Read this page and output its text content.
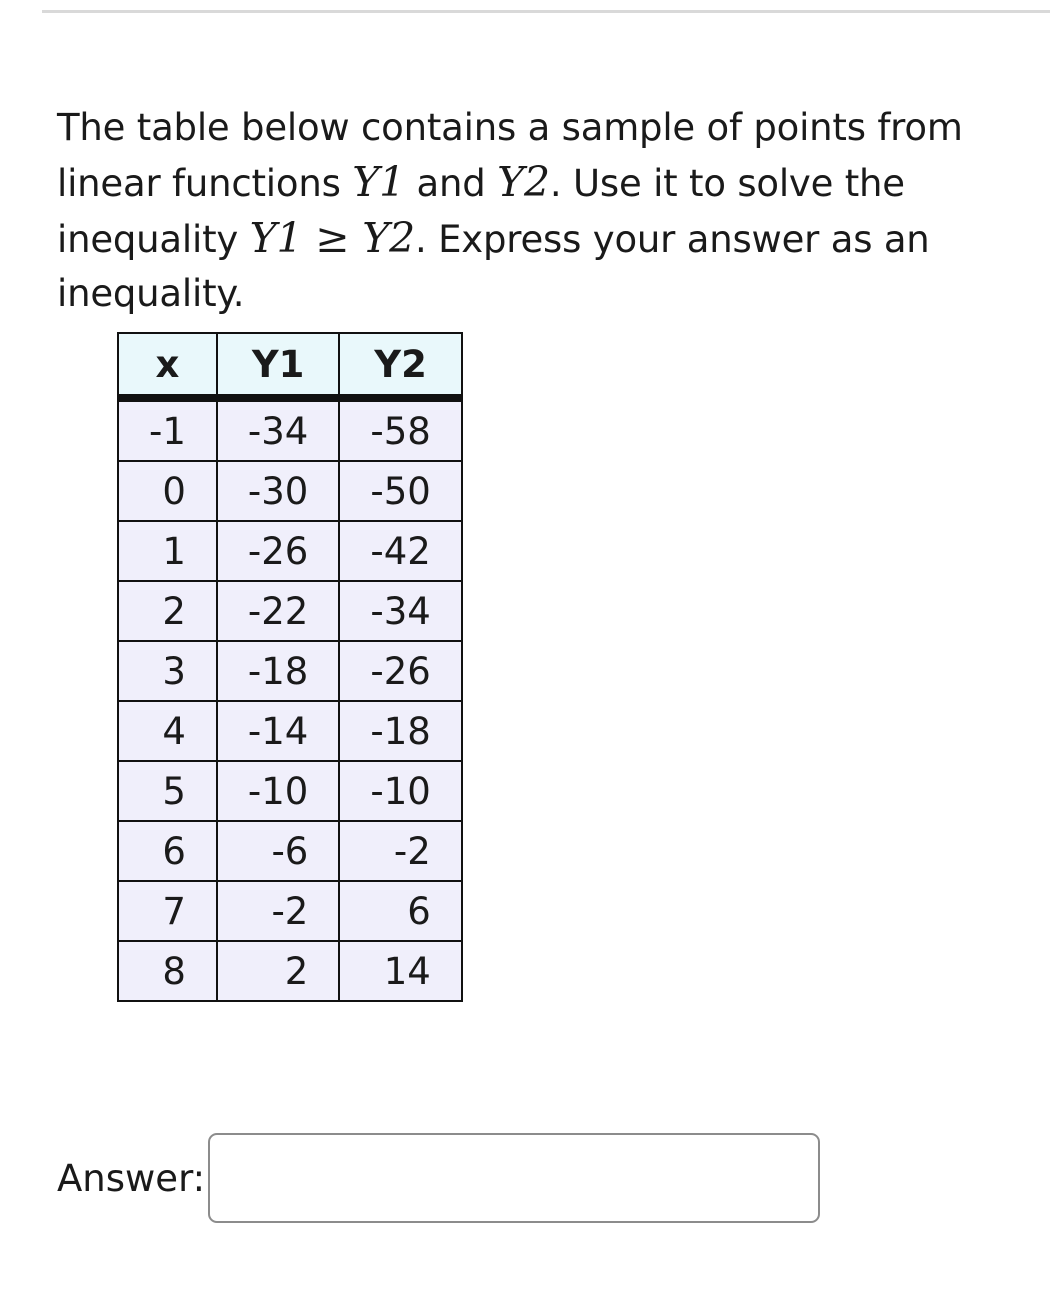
The table below contains a sample of points from linear functions Y1 and Y2. Use it to solve the inequality Y1 ≥ Y2. Express your answer as an inequality.

x	Y1	Y2
-1	-34	-58
0	-30	-50
1	-26	-42
2	-22	-34
3	-18	-26
4	-14	-18
5	-10	-10
6	-6	-2
7	-2	6
8	2	14
Answer:
